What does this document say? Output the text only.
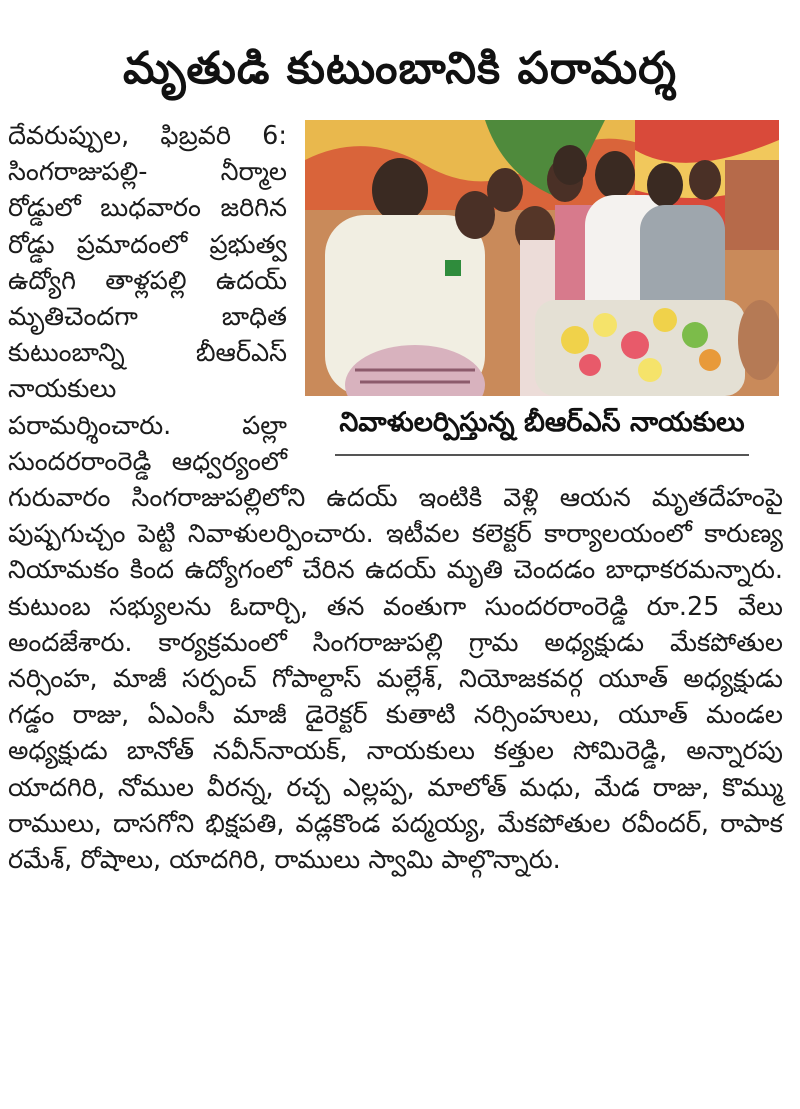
మృతుడి కుటుంబానికి పరామర్శ
నివాళులర్పిస్తున్న బీఆర్ఎస్ నాయకులు
దేవరుప్పుల, ఫిబ్రవరి 6: సింగరాజుపల్లి- నీర్మాల రోడ్డులో బుధవారం జరిగిన రోడ్డు ప్రమాదంలో ప్రభుత్వ ఉద్యోగి తాళ్లపల్లి ఉదయ్ మృతిచెందగా బాధిత కుటుంబాన్ని బీఆర్ఎస్ నాయకులు పరామర్శించారు. పల్లా సుందరరాంరెడ్డి ఆధ్వర్యంలో గురువారం సింగరాజుపల్లిలోని ఉదయ్ ఇంటికి వెళ్లి ఆయన మృతదేహంపై పుష్పగుచ్చం పెట్టి నివాళులర్పించారు. ఇటీవల కలెక్టర్ కార్యాలయంలో కారుణ్య నియామకం కింద ఉద్యోగంలో చేరిన ఉదయ్ మృతి చెందడం బాధాకరమన్నారు. కుటుంబ సభ్యులను ఓదార్చి, తన వంతుగా సుందరరాంరెడ్డి రూ.25 వేలు అందజేశారు. కార్యక్రమంలో సింగరాజుపల్లి గ్రామ అధ్యక్షుడు మేకపోతుల నర్సింహ, మాజీ సర్పంచ్ గోపాల్దాస్ మల్లేశ్, నియోజకవర్గ యూత్ అధ్యక్షుడు గడ్డం రాజు, ఏఎంసీ మాజీ డైరెక్టర్ కుతాటి నర్సింహులు, యూత్ మండల అధ్యక్షుడు బానోత్ నవీన్‌నాయక్, నాయకులు కత్తుల సోమిరెడ్డి, అన్నారపు యాదగిరి, నోముల వీరన్న, రచ్చ ఎల్లప్ప, మాలోత్ మధు, మేడ రాజు, కొమ్ము రాములు, దాసగోని భిక్షపతి, వడ్లకొండ పద్మయ్య, మేకపోతుల రవీందర్, రాపాక రమేశ్, రోషాలు, యాదగిరి, రాములు స్వామి పాల్గొన్నారు.
